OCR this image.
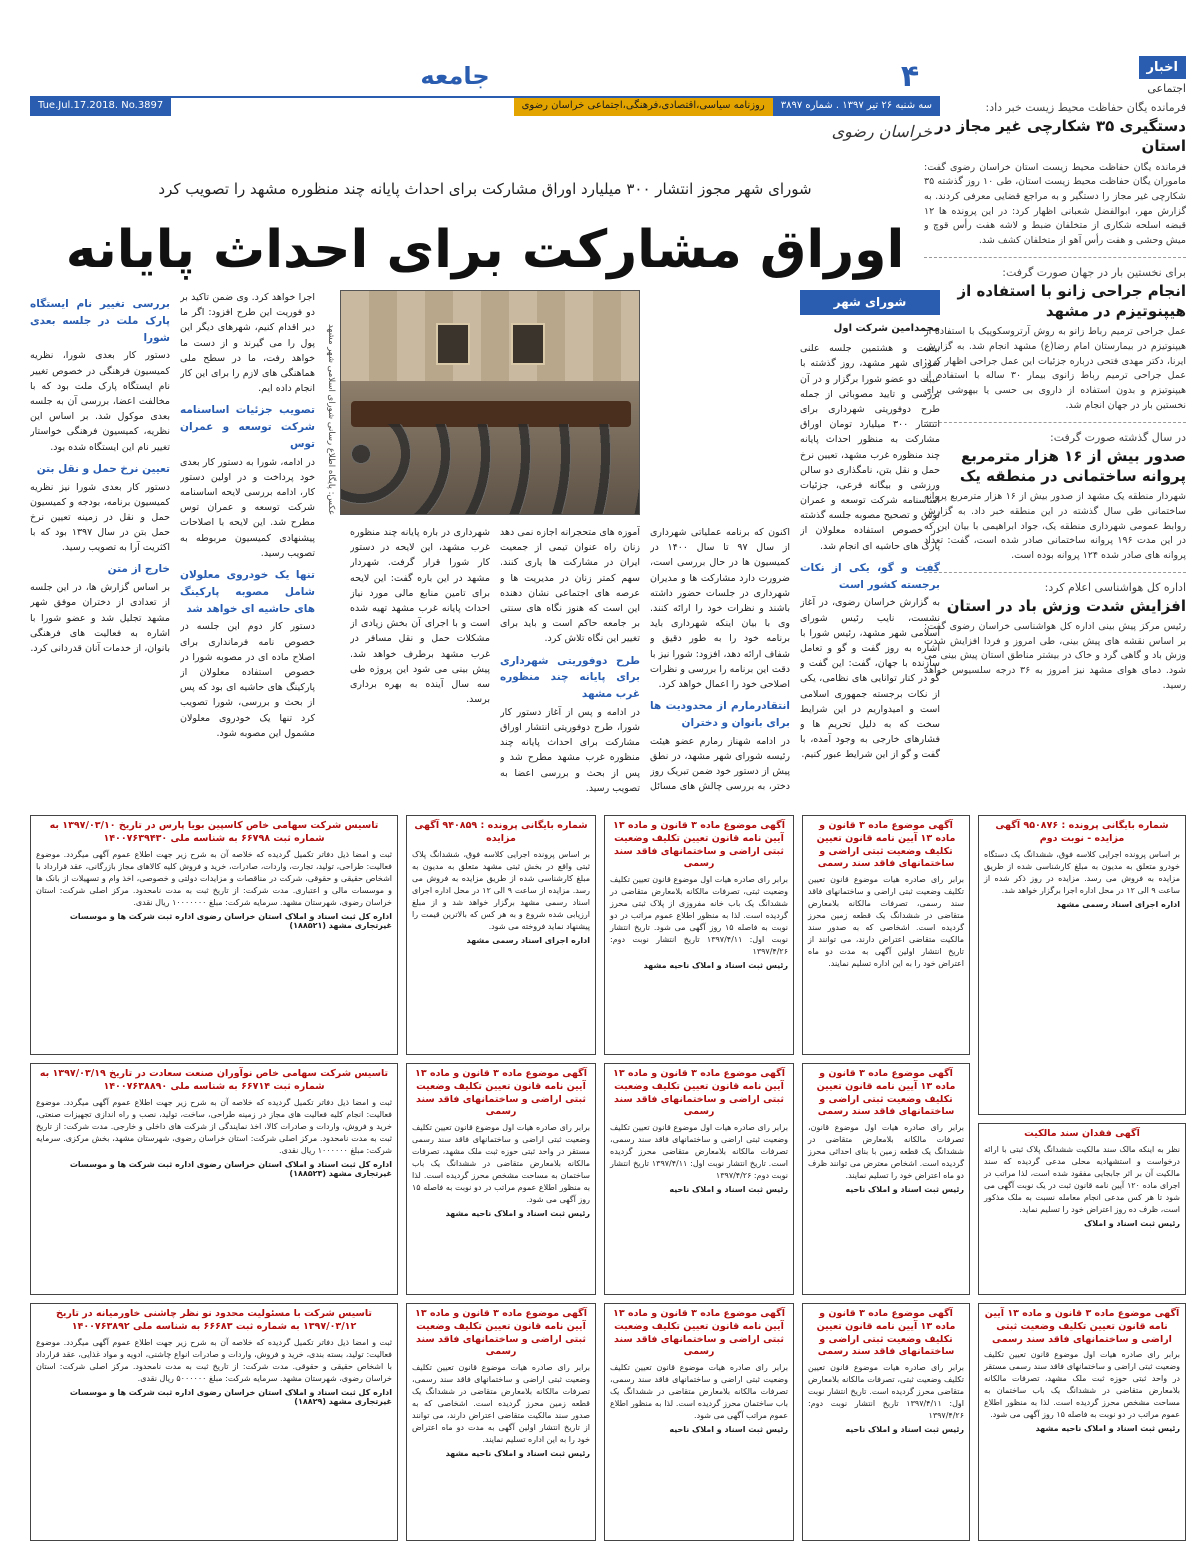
اخبار
اجتماعی
فرمانده یگان حفاظت محیط زیست خبر داد:
دستگیری ۳۵ شکارچی غیر مجاز در استان
فرمانده یگان حفاظت محیط زیست استان خراسان رضوی گفت: ماموران یگان حفاظت محیط زیست استان، طی ۱۰ روز گذشته ۳۵ شکارچی غیر مجاز را دستگیر و به مراجع قضایی معرفی کردند. به گزارش مهر، ابوالفضل شعبانی اظهار کرد: در این پرونده ها ۱۲ قبضه اسلحه شکاری از متخلفان ضبط و لاشه هفت رأس قوچ و میش وحشی و هفت رأس آهو از متخلفان کشف شد.
برای نخستین بار در جهان صورت گرفت:
انجام جراحی زانو با استفاده از هیپنوتیزم در مشهد
عمل جراحی ترمیم رباط زانو به روش آرتروسکوپیک با استفاده از هیپنوتیزم در بیمارستان امام رضا(ع) مشهد انجام شد. به گزارش ایرنا، دکتر مهدی فتحی درباره جزئیات این عمل جراحی اظهار کرد: عمل جراحی ترمیم رباط زانوی بیمار ۳۰ ساله با استفاده از هیپنوتیزم و بدون استفاده از داروی بی حسی یا بیهوشی برای نخستین بار در جهان انجام شد.
در سال گذشته صورت گرفت:
صدور بیش از ۱۶ هزار مترمربع پروانه ساختمانی در منطقه یک
شهردار منطقه یک مشهد از صدور بیش از ۱۶ هزار مترمربع پروانه ساختمانی طی سال گذشته در این منطقه خبر داد. به گزارش روابط عمومی شهرداری منطقه یک، جواد ابراهیمی با بیان این که در این مدت ۱۹۶ پروانه ساختمانی صادر شده است، گفت: تعداد پروانه های صادر شده ۱۲۴ پروانه بوده است.
اداره کل هواشناسی اعلام کرد:
افزایش شدت وزش باد در استان
رئیس مرکز پیش بینی اداره کل هواشناسی خراسان رضوی گفت: بر اساس نقشه های پیش بینی، طی امروز و فردا افزایش شدت وزش باد و گاهی گرد و خاک در بیشتر مناطق استان پیش بینی می شود. دمای هوای مشهد نیز امروز به ۳۶ درجه سلسیوس خواهد رسید.
۴
جامعه
سه شنبه ۲۶ تیر ۱۳۹۷ . شماره ۳۸۹۷
روزنامه سیاسی،اقتصادی،فرهنگی،اجتماعی خراسان رضوی
Tue.Jul.17.2018. No.3897
خراسان رضوی
شورای شهر مجوز انتشار ۳۰۰ میلیارد اوراق مشارکت برای احداث پایانه چند منظوره مشهد را تصویب کرد
اوراق مشارکت برای احداث پایانه
شورای شهر
محمدامین شرکت اول

بیست و هشتمین جلسه علنی شورای شهر مشهد، روز گذشته با غیبت دو عضو شورا برگزار و در آن بررسی و تایید مصوباتی از جمله طرح دوفوریتی شهرداری برای انتشار ۳۰۰ میلیارد تومان اوراق مشارکت به منظور احداث پایانه چند منظوره غرب مشهد، تعیین نرخ حمل و نقل بتن، نامگذاری دو سالن ورزشی و بیگانه فرعی، جزئیات اساسنامه شرکت توسعه و عمران توس و تصحیح مصوبه جلسه گذشته در خصوص استفاده معلولان از پارک های حاشیه ای انجام شد.

گفت و گو، یکی از نکات برجسته کشور است

به گزارش خراسان رضوی، در آغاز نشست، نایب رئیس شورای اسلامی شهر مشهد، رئیس شورا با اشاره به روز گفت و گو و تعامل سازنده با جهان، گفت: این گفت و گو در کنار توانایی های نظامی، یکی از نکات برجسته جمهوری اسلامی است و امیدواریم در این شرایط سخت که به دلیل تحریم ها و فشارهای خارجی به وجود آمده، با گفت و گو از این شرایط عبور کنیم.

اکنون که برنامه عملیاتی شهرداری از سال ۹۷ تا سال ۱۴۰۰ در کمیسیون ها در حال بررسی است، ضرورت دارد مشارکت ها و مدیران شهرداری در جلسات حضور داشته باشند و نظرات خود را ارائه کنند. وی با بیان اینکه شهرداری باید برنامه خود را به طور دقیق و شفاف ارائه دهد، افزود: شورا نیز با دقت این برنامه را بررسی و نظرات اصلاحی خود را اعمال خواهد کرد.

انتقادرمارم از محدودیت ها برای بانوان و دختران

در ادامه شهناز رمارم عضو هیئت رئیسه شورای شهر مشهد، در نطق پیش از دستور خود ضمن تبریک روز دختر، به بررسی چالش های مسائل

آموزه های متحجرانه اجازه نمی دهد زنان راه عنوان تیمی از جمعیت ایران در مشارکت ها یاری کنند. سهم کمتر زنان در مدیریت ها و عرصه های اجتماعی نشان دهنده این است که هنوز نگاه های سنتی بر جامعه حاکم است و باید برای تغییر این نگاه تلاش کرد.

طرح دوفوریتی شهرداری برای پایانه چند منظوره غرب مشهد

در ادامه و پس از آغاز دستور کار شورا، طرح دوفوریتی انتشار اوراق مشارکت برای احداث پایانه چند منظوره غرب مشهد مطرح شد و پس از بحث و بررسی اعضا به تصویب رسید.

شهرداری در باره پایانه چند منظوره غرب مشهد، این لایحه در دستور کار شورا قرار گرفت. شهردار مشهد در این باره گفت: این لایحه برای تامین منابع مالی مورد نیاز احداث پایانه غرب مشهد تهیه شده است و با اجرای آن بخش زیادی از مشکلات حمل و نقل مسافر در غرب مشهد برطرف خواهد شد. پیش بینی می شود این پروژه طی سه سال آینده به بهره برداری برسد.

عکس: پایگاه اطلاع رسانی شورای اسلامی شهر مشهد

اجرا خواهد کرد. وی ضمن تاکید بر دو فوریت این طرح افزود: اگر ما دیر اقدام کنیم، شهرهای دیگر این پول را می گیرند و از دست ما خواهد رفت، ما در سطح ملی هماهنگی های لازم را برای این کار انجام داده ایم.

تصویب جزئیات اساسنامه شرکت توسعه و عمران توس

در ادامه، شورا به دستور کار بعدی خود پرداخت و در اولین دستور کار، ادامه بررسی لایحه اساسنامه شرکت توسعه و عمران توس مطرح شد. این لایحه با اصلاحات پیشنهادی کمیسیون مربوطه به تصویب رسید.

تنها یک خودروی معلولان شامل مصوبه پارکینگ های حاشیه ای خواهد شد

دستور کار دوم این جلسه در خصوص نامه فرمانداری برای اصلاح ماده ای در مصوبه شورا در خصوص استفاده معلولان از پارکینگ های حاشیه ای بود که پس از بحث و بررسی، شورا تصویب کرد تنها یک خودروی معلولان مشمول این مصوبه شود.

بررسی تغییر نام ایستگاه پارک ملت در جلسه بعدی شورا

دستور کار بعدی شورا، نظریه کمیسیون فرهنگی در خصوص تغییر نام ایستگاه پارک ملت بود که با مخالفت اعضا، بررسی آن به جلسه بعدی موکول شد. بر اساس این نظریه، کمیسیون فرهنگی خواستار تغییر نام این ایستگاه شده بود.

تعیین نرخ حمل و نقل بتن

دستور کار بعدی شورا نیز نظریه کمیسیون برنامه، بودجه و کمیسیون حمل و نقل در زمینه تعیین نرخ حمل بتن در سال ۱۳۹۷ بود که با اکثریت آرا به تصویب رسید.

خارج از متن

بر اساس گزارش ها، در این جلسه از تعدادی از دختران موفق شهر مشهد تجلیل شد و عضو شورا با اشاره به فعالیت های فرهنگی بانوان، از خدمات آنان قدردانی کرد.

تاسیس شرکت سهامی خاص کاسپین بویا پارس در تاریخ ۱۳۹۷/۰۳/۱۰ به شماره ثبت ۶۶۷۹۸ به شناسه ملی ۱۴۰۰۷۶۳۹۴۳۰
ثبت و امضا ذیل دفاتر تکمیل گردیده که خلاصه آن به شرح زیر جهت اطلاع عموم آگهی میگردد. موضوع فعالیت: طراحی، تولید، تجارت، واردات، صادرات، خرید و فروش کلیه کالاهای مجاز بازرگانی، عقد قرارداد با اشخاص حقیقی و حقوقی، شرکت در مناقصات و مزایدات دولتی و خصوصی، اخذ وام و تسهیلات از بانک ها و موسسات مالی و اعتباری. مدت شرکت: از تاریخ ثبت به مدت نامحدود. مرکز اصلی شرکت: استان خراسان رضوی، شهرستان مشهد. سرمایه شرکت: مبلغ ۱۰۰۰۰۰۰۰ ریال نقدی.
اداره کل ثبت اسناد و املاک استان خراسان رضوی اداره ثبت شرکت ها و موسسات غیرتجاری مشهد (۱۸۸۵۲۱)
تاسیس شرکت سهامی خاص نوآوران صنعت سعادت در تاریخ ۱۳۹۷/۰۳/۱۹ به شماره ثبت ۶۶۷۱۴ به شناسه ملی ۱۴۰۰۷۶۳۸۸۹۰
ثبت و امضا ذیل دفاتر تکمیل گردیده که خلاصه آن به شرح زیر جهت اطلاع عموم آگهی میگردد. موضوع فعالیت: انجام کلیه فعالیت های مجاز در زمینه طراحی، ساخت، تولید، نصب و راه اندازی تجهیزات صنعتی، خرید و فروش، واردات و صادرات کالا، اخذ نمایندگی از شرکت های داخلی و خارجی. مدت شرکت: از تاریخ ثبت به مدت نامحدود. مرکز اصلی شرکت: استان خراسان رضوی، شهرستان مشهد، بخش مرکزی. سرمایه شرکت: مبلغ ۱۰۰۰۰۰۰ ریال نقدی.
اداره کل ثبت اسناد و املاک استان خراسان رضوی اداره ثبت شرکت ها و موسسات غیرتجاری مشهد (۱۸۸۵۲۳)
تاسیس شرکت با مسئولیت محدود نو نظر چاشنی خاورمیانه در تاریخ ۱۳۹۷/۰۳/۱۲ به شماره ثبت ۶۶۶۸۳ به شناسه ملی ۱۴۰۰۷۶۳۸۹۲
ثبت و امضا ذیل دفاتر تکمیل گردیده که خلاصه آن به شرح زیر جهت اطلاع عموم آگهی میگردد. موضوع فعالیت: تولید، بسته بندی، خرید و فروش، واردات و صادرات انواع چاشنی، ادویه و مواد غذایی، عقد قرارداد با اشخاص حقیقی و حقوقی. مدت شرکت: از تاریخ ثبت به مدت نامحدود. مرکز اصلی شرکت: استان خراسان رضوی، شهرستان مشهد. سرمایه شرکت: مبلغ ۵۰۰۰۰۰۰ ریال نقدی.
اداره کل ثبت اسناد و املاک استان خراسان رضوی اداره ثبت شرکت ها و موسسات غیرتجاری مشهد (۱۸۸۲۹)
شماره بایگانی پرونده : ۹۴۰۸۵۹ آگهی مزایده
بر اساس پرونده اجرایی کلاسه فوق، ششدانگ پلاک ثبتی واقع در بخش ثبتی مشهد متعلق به مدیون به مبلغ کارشناسی شده از طریق مزایده به فروش می رسد. مزایده از ساعت ۹ الی ۱۲ در محل اداره اجرای اسناد رسمی مشهد برگزار خواهد شد و از مبلغ ارزیابی شده شروع و به هر کس که بالاترین قیمت را پیشنهاد نماید فروخته می شود.
اداره اجرای اسناد رسمی مشهد
آگهی موضوع ماده ۳ قانون و ماده ۱۳ آیین نامه قانون تعیین تکلیف وضعیت ثبتی اراضی و ساختمانهای فاقد سند رسمی
برابر رای صادره هیات اول موضوع قانون تعیین تکلیف وضعیت ثبتی اراضی و ساختمانهای فاقد سند رسمی مستقر در واحد ثبتی حوزه ثبت ملک مشهد، تصرفات مالکانه بلامعارض متقاضی در ششدانگ یک باب ساختمان به مساحت مشخص محرز گردیده است. لذا به منظور اطلاع عموم مراتب در دو نوبت به فاصله ۱۵ روز آگهی می شود.
رئیس ثبت اسناد و املاک ناحیه مشهد
آگهی موضوع ماده ۳ قانون و ماده ۱۳ آیین نامه قانون تعیین تکلیف وضعیت ثبتی اراضی و ساختمانهای فاقد سند رسمی
برابر رای صادره هیات موضوع قانون تعیین تکلیف وضعیت ثبتی اراضی و ساختمانهای فاقد سند رسمی، تصرفات مالکانه بلامعارض متقاضی در ششدانگ یک قطعه زمین محرز گردیده است. اشخاصی که به صدور سند مالکیت متقاضی اعتراض دارند، می توانند از تاریخ انتشار اولین آگهی به مدت دو ماه اعتراض خود را به این اداره تسلیم نمایند.
رئیس ثبت اسناد و املاک ناحیه مشهد
آگهی موضوع ماده ۳ قانون و ماده ۱۳ آیین نامه قانون تعیین تکلیف وضعیت ثبتی اراضی و ساختمانهای فاقد سند رسمی
برابر رای صادره هیات اول موضوع قانون تعیین تکلیف وضعیت ثبتی، تصرفات مالکانه بلامعارض متقاضی در ششدانگ یک باب خانه مفروزی از پلاک ثبتی محرز گردیده است. لذا به منظور اطلاع عموم مراتب در دو نوبت به فاصله ۱۵ روز آگهی می شود. تاریخ انتشار نوبت اول: ۱۳۹۷/۴/۱۱ تاریخ انتشار نوبت دوم: ۱۳۹۷/۴/۲۶
رئیس ثبت اسناد و املاک ناحیه مشهد
آگهی موضوع ماده ۳ قانون و ماده ۱۳ آیین نامه قانون تعیین تکلیف وضعیت ثبتی اراضی و ساختمانهای فاقد سند رسمی
برابر رای صادره هیات اول موضوع قانون تعیین تکلیف وضعیت ثبتی اراضی و ساختمانهای فاقد سند رسمی، تصرفات مالکانه بلامعارض متقاضی محرز گردیده است. تاریخ انتشار نوبت اول: ۱۳۹۷/۴/۱۱ تاریخ انتشار نوبت دوم: ۱۳۹۷/۴/۲۶
رئیس ثبت اسناد و املاک ناحیه
آگهی موضوع ماده ۳ قانون و ماده ۱۳ آیین نامه قانون تعیین تکلیف وضعیت ثبتی اراضی و ساختمانهای فاقد سند رسمی
برابر رای صادره هیات موضوع قانون تعیین تکلیف وضعیت ثبتی اراضی و ساختمانهای فاقد سند رسمی، تصرفات مالکانه بلامعارض متقاضی در ششدانگ یک باب ساختمان محرز گردیده است. لذا به منظور اطلاع عموم مراتب آگهی می شود.
رئیس ثبت اسناد و املاک ناحیه
آگهی موضوع ماده ۳ قانون و ماده ۱۳ آیین نامه قانون تعیین تکلیف وضعیت ثبتی اراضی و ساختمانهای فاقد سند رسمی
برابر رای صادره هیات موضوع قانون تعیین تکلیف وضعیت ثبتی اراضی و ساختمانهای فاقد سند رسمی، تصرفات مالکانه بلامعارض متقاضی در ششدانگ یک قطعه زمین محرز گردیده است. اشخاصی که به صدور سند مالکیت متقاضی اعتراض دارند، می توانند از تاریخ انتشار اولین آگهی به مدت دو ماه اعتراض خود را به این اداره تسلیم نمایند.
آگهی موضوع ماده ۳ قانون و ماده ۱۳ آیین نامه قانون تعیین تکلیف وضعیت ثبتی اراضی و ساختمانهای فاقد سند رسمی
برابر رای صادره هیات اول موضوع قانون، تصرفات مالکانه بلامعارض متقاضی در ششدانگ یک قطعه زمین با بنای احداثی محرز گردیده است. اشخاص معترض می توانند ظرف دو ماه اعتراض خود را تسلیم نمایند.
رئیس ثبت اسناد و املاک ناحیه
آگهی موضوع ماده ۳ قانون و ماده ۱۳ آیین نامه قانون تعیین تکلیف وضعیت ثبتی اراضی و ساختمانهای فاقد سند رسمی
برابر رای صادره هیات موضوع قانون تعیین تکلیف وضعیت ثبتی، تصرفات مالکانه بلامعارض متقاضی محرز گردیده است. تاریخ انتشار نوبت اول: ۱۳۹۷/۴/۱۱ تاریخ انتشار نوبت دوم: ۱۳۹۷/۴/۲۶
رئیس ثبت اسناد و املاک ناحیه
شماره بایگانی پرونده : ۹۵۰۸۷۶ آگهی مزایده - نوبت دوم
بر اساس پرونده اجرایی کلاسه فوق، ششدانگ یک دستگاه خودرو متعلق به مدیون به مبلغ کارشناسی شده از طریق مزایده به فروش می رسد. مزایده در روز ذکر شده از ساعت ۹ الی ۱۲ در محل اداره اجرا برگزار خواهد شد.
اداره اجرای اسناد رسمی مشهد
آگهی فقدان سند مالکیت
نظر به اینکه مالک سند مالکیت ششدانگ پلاک ثبتی با ارائه درخواست و استشهادیه محلی مدعی گردیده که سند مالکیت آن بر اثر جابجایی مفقود شده است، لذا مراتب در اجرای ماده ۱۲۰ آیین نامه قانون ثبت در یک نوبت آگهی می شود تا هر کس مدعی انجام معامله نسبت به ملک مذکور است، ظرف ده روز اعتراض خود را تسلیم نماید.
رئیس ثبت اسناد و املاک
آگهی موضوع ماده ۳ قانون و ماده ۱۳ آیین نامه قانون تعیین تکلیف وضعیت ثبتی اراضی و ساختمانهای فاقد سند رسمی
برابر رای صادره هیات اول موضوع قانون تعیین تکلیف وضعیت ثبتی اراضی و ساختمانهای فاقد سند رسمی مستقر در واحد ثبتی حوزه ثبت ملک مشهد، تصرفات مالکانه بلامعارض متقاضی در ششدانگ یک باب ساختمان به مساحت مشخص محرز گردیده است. لذا به منظور اطلاع عموم مراتب در دو نوبت به فاصله ۱۵ روز آگهی می شود.
رئیس ثبت اسناد و املاک ناحیه مشهد
